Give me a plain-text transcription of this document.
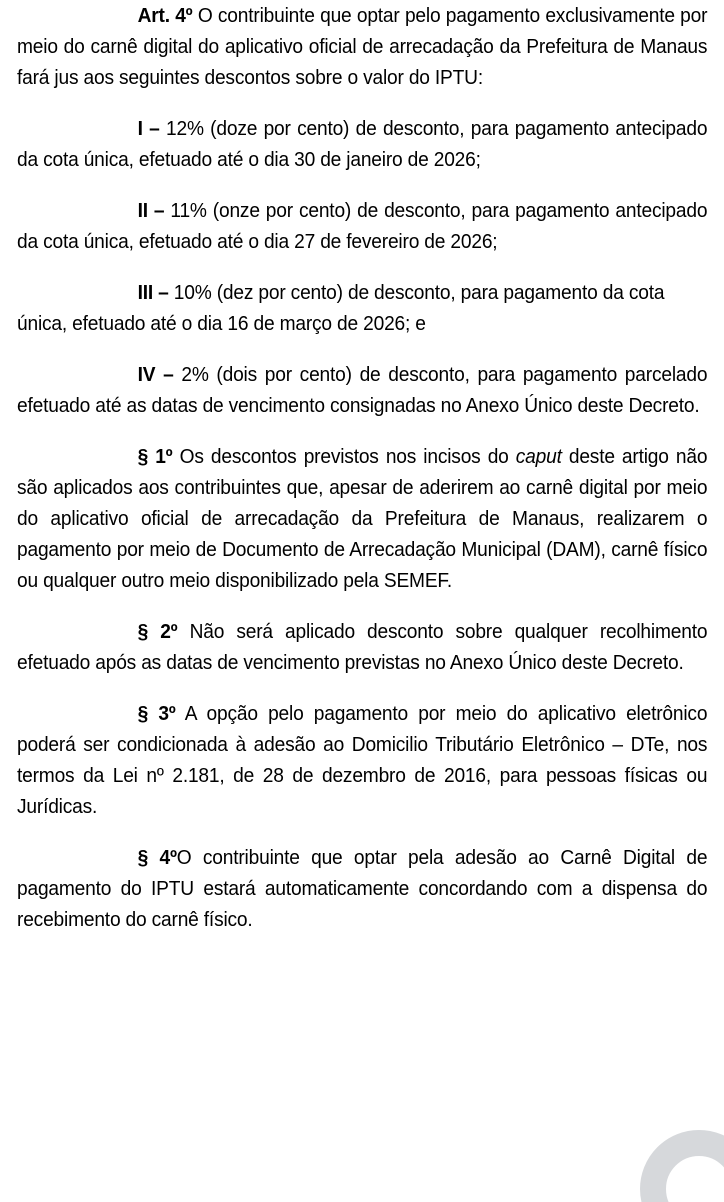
Art. 4º O contribuinte que optar pelo pagamento exclusivamente por meio do carnê digital do aplicativo oficial de arrecadação da Prefeitura de Manaus fará jus aos seguintes descontos sobre o valor do IPTU:

I – 12% (doze por cento) de desconto, para pagamento antecipado da cota única, efetuado até o dia 30 de janeiro de 2026;

II – 11% (onze por cento) de desconto, para pagamento antecipado da cota única, efetuado até o dia 27 de fevereiro de 2026;

III – 10% (dez por cento) de desconto, para pagamento da cota única, efetuado até o dia 16 de março de 2026; e

IV – 2% (dois por cento) de desconto, para pagamento parcelado efetuado até as datas de vencimento consignadas no Anexo Único deste Decreto.

§ 1º Os descontos previstos nos incisos do caput deste artigo não são aplicados aos contribuintes que, apesar de aderirem ao carnê digital por meio do aplicativo oficial de arrecadação da Prefeitura de Manaus, realizarem o pagamento por meio de Documento de Arrecadação Municipal (DAM), carnê físico ou qualquer outro meio disponibilizado pela SEMEF.

§ 2º Não será aplicado desconto sobre qualquer recolhimento efetuado após as datas de vencimento previstas no Anexo Único deste Decreto.

§ 3º A opção pelo pagamento por meio do aplicativo eletrônico poderá ser condicionada à adesão ao Domicilio Tributário Eletrônico – DTe, nos termos da Lei nº 2.181, de 28 de dezembro de 2016, para pessoas físicas ou Jurídicas.

§ 4ºO contribuinte que optar pela adesão ao Carnê Digital de pagamento do IPTU estará automaticamente concordando com a dispensa do recebimento do carnê físico.
